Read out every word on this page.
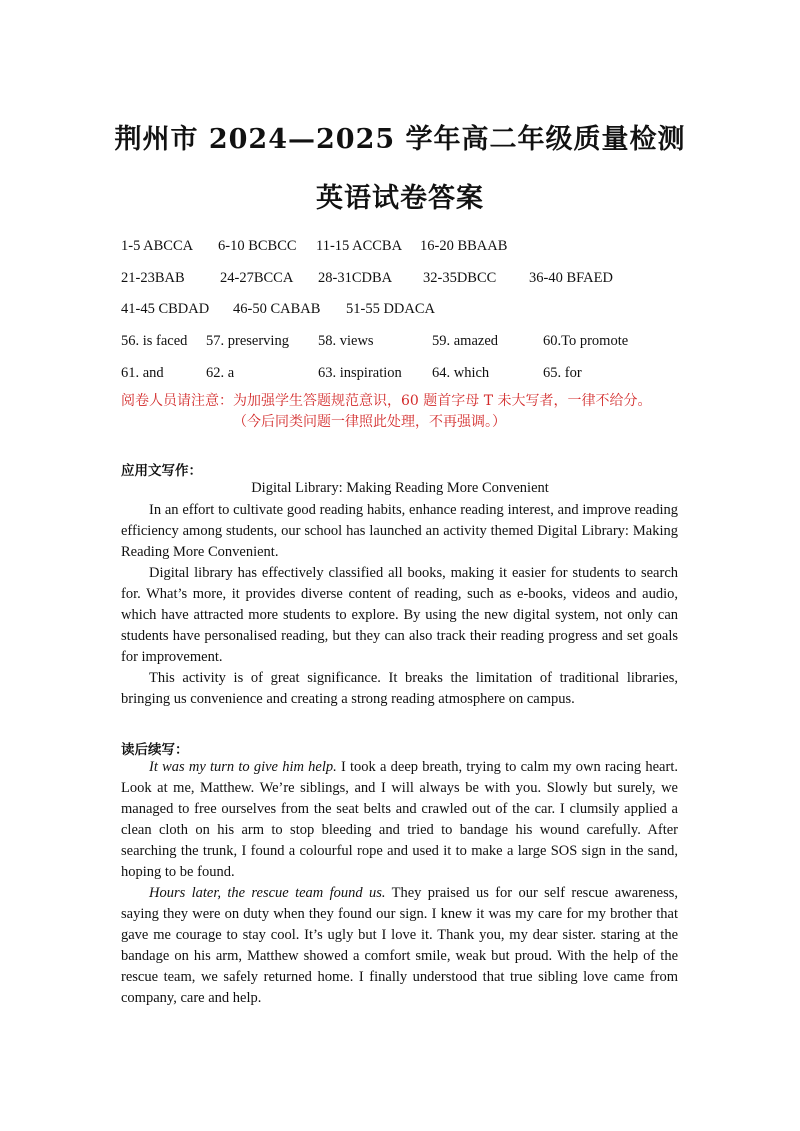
荆州市 2024—2025 学年高二年级质量检测
英语试卷答案
1-5 ABCCA 6-10 BCBCC 11-15 ACCBA 16-20 BBAAB
21-23BAB 24-27BCCA 28-31CDBA 32-35DBCC 36-40 BFAED
41-45 CBDAD 46-50 CABAB 51-55 DDACA
56. is faced 57. preserving 58. views	59. amazed	60.To promote
61. and	62. a	63. inspiration 64. which	65. for
阅卷人员请注意：为加强学生答题规范意识，60 题首字母 T 未大写者，一律不给分。
（今后同类问题一律照此处理，不再强调。）
应用文写作：
Digital Library: Making Reading More Convenient

In an effort to cultivate good reading habits, enhance reading interest, and improve reading efficiency among students, our school has launched an activity themed Digital Library: Making Reading More Convenient.

Digital library has effectively classified all books, making it easier for students to search for. What’s more, it provides diverse content of reading, such as e-books, videos and audio, which have attracted more students to explore. By using the new digital system, not only can students have personalised reading, but they can also track their reading progress and set goals for improvement.

This activity is of great significance. It breaks the limitation of traditional libraries, bringing us convenience and creating a strong reading atmosphere on campus.

读后续写：

It was my turn to give him help. I took a deep breath, trying to calm my own racing heart. Look at me, Matthew. We’re siblings, and I will always be with you. Slowly but surely, we managed to free ourselves from the seat belts and crawled out of the car. I clumsily applied a clean cloth on his arm to stop bleeding and tried to bandage his wound carefully. After searching the trunk, I found a colourful rope and used it to make a large SOS sign in the sand, hoping to be found.

Hours later, the rescue team found us. They praised us for our self rescue awareness, saying they were on duty when they found our sign. I knew it was my care for my brother that gave me courage to stay cool. It’s ugly but I love it. Thank you, my dear sister. staring at the bandage on his arm, Matthew showed a comfort smile, weak but proud. With the help of the rescue team, we safely returned home. I finally understood that true sibling love came from company, care and help.
